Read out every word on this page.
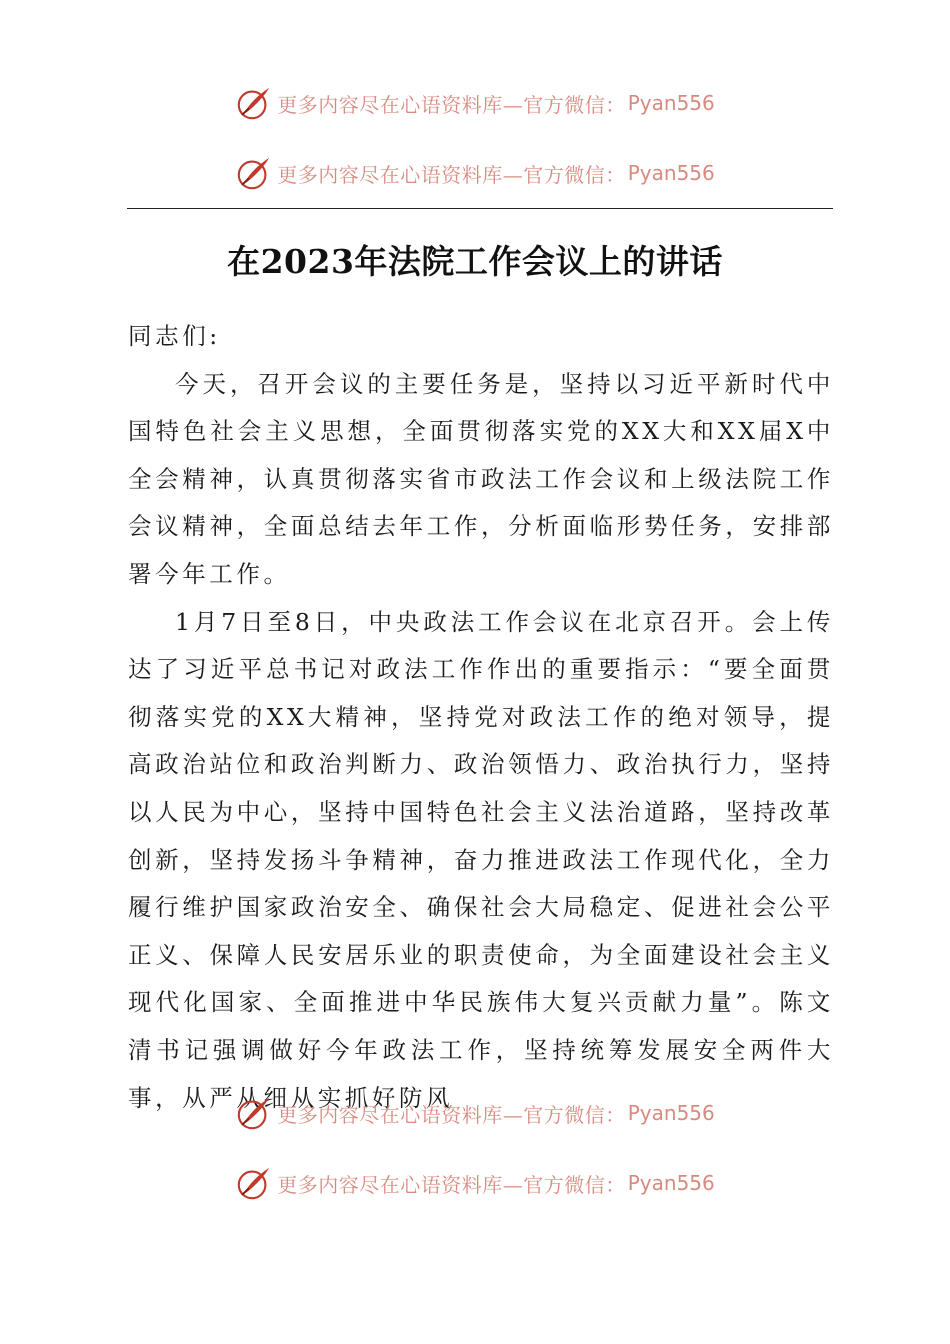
更多内容尽在心语资料库—官方微信： Pyan556
更多内容尽在心语资料库—官方微信： Pyan556
在2023年法院工作会议上的讲话

同志们:

今天，召开会议的主要任务是，坚持以习近平新时代中国特色社会主义思想，全面贯彻落实党的XX大和XX届X中全会精神，认真贯彻落实省市政法工作会议和上级法院工作会议精神，全面总结去年工作，分析面临形势任务，安排部署今年工作。

1月7日至8日，中央政法工作会议在北京召开。会上传达了习近平总书记对政法工作作出的重要指示：“要全面贯彻落实党的XX大精神，坚持党对政法工作的绝对领导，提高政治站位和政治判断力、政治领悟力、政治执行力，坚持以人民为中心，坚持中国特色社会主义法治道路，坚持改革创新，坚持发扬斗争精神，奋力推进政法工作现代化，全力履行维护国家政治安全、确保社会大局稳定、促进社会公平正义、保障人民安居乐业的职责使命，为全面建设社会主义现代化国家、全面推进中华民族伟大复兴贡献力量”。陈文清书记强调做好今年政法工作，坚持统筹发展安全两件大事，从严从细从实抓好防风

更多内容尽在心语资料库—官方微信： Pyan556
更多内容尽在心语资料库—官方微信： Pyan556
